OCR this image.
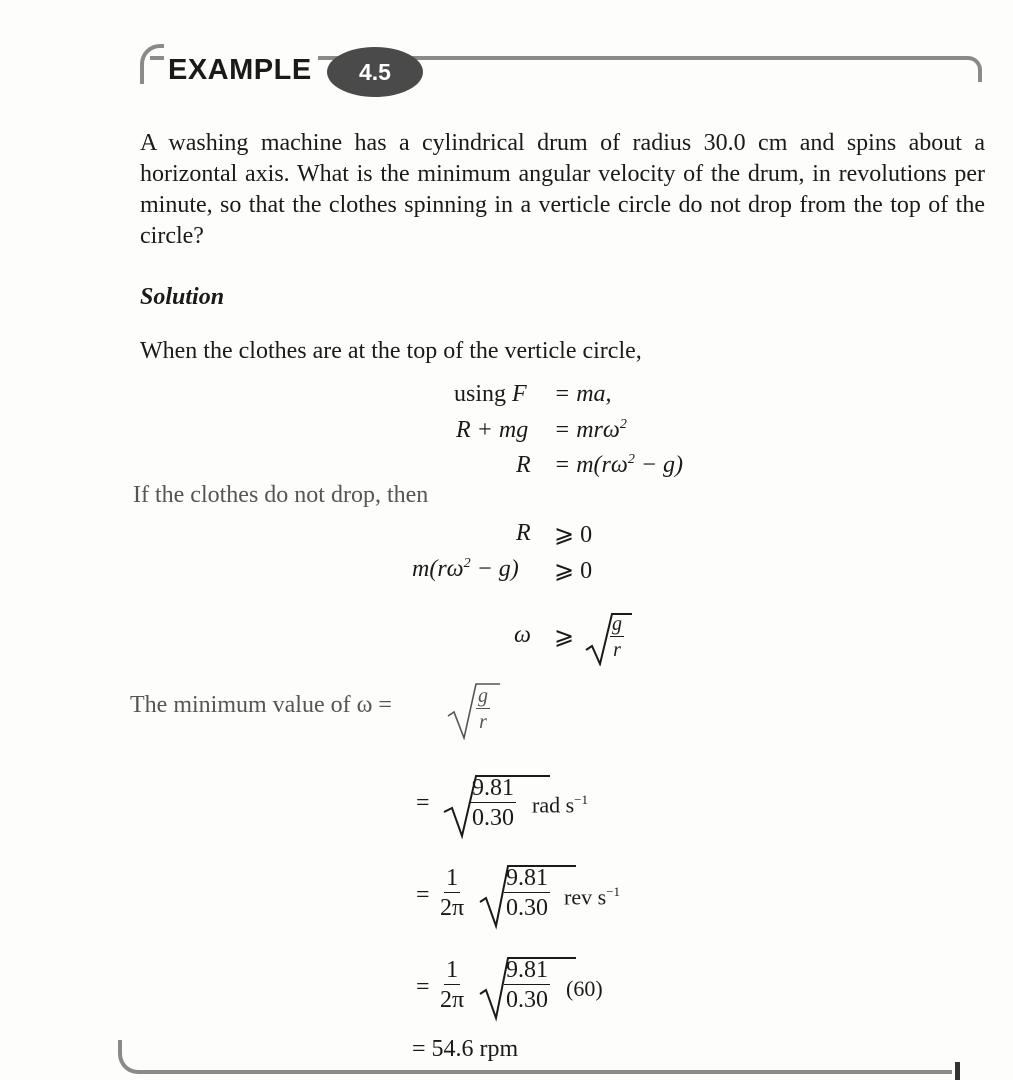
EXAMPLE	4.5
A washing machine has a cylindrical drum of radius 30.0 cm and spins about a horizontal axis. What is the minimum angular velocity of the drum, in revolutions per minute, so that the clothes spinning in a verticle circle do not drop from the top of the circle?
Solution
When the clothes are at the top of the verticle circle,
using F = ma,
R + mg = mrω$^2$
$R = m(r\omega^2 - g)$
If the clothes do not drop, then
R ⩾ 0
$m(r\omega^2 - g)$ ⩾ 0
ω ⩾ $\frac{g}{r}$
The minimum value of ω =	$\frac{g}{r}$
= $\frac{9.81}{0.30}$ rad $s^{-1}$
= $\frac{1}{2\pi} \frac{9.81}{0.30}$ rev $s^{-1}$
= $\frac{1}{2\pi} \frac{9.81}{0.30} (60)$
= 54.6 rpm
